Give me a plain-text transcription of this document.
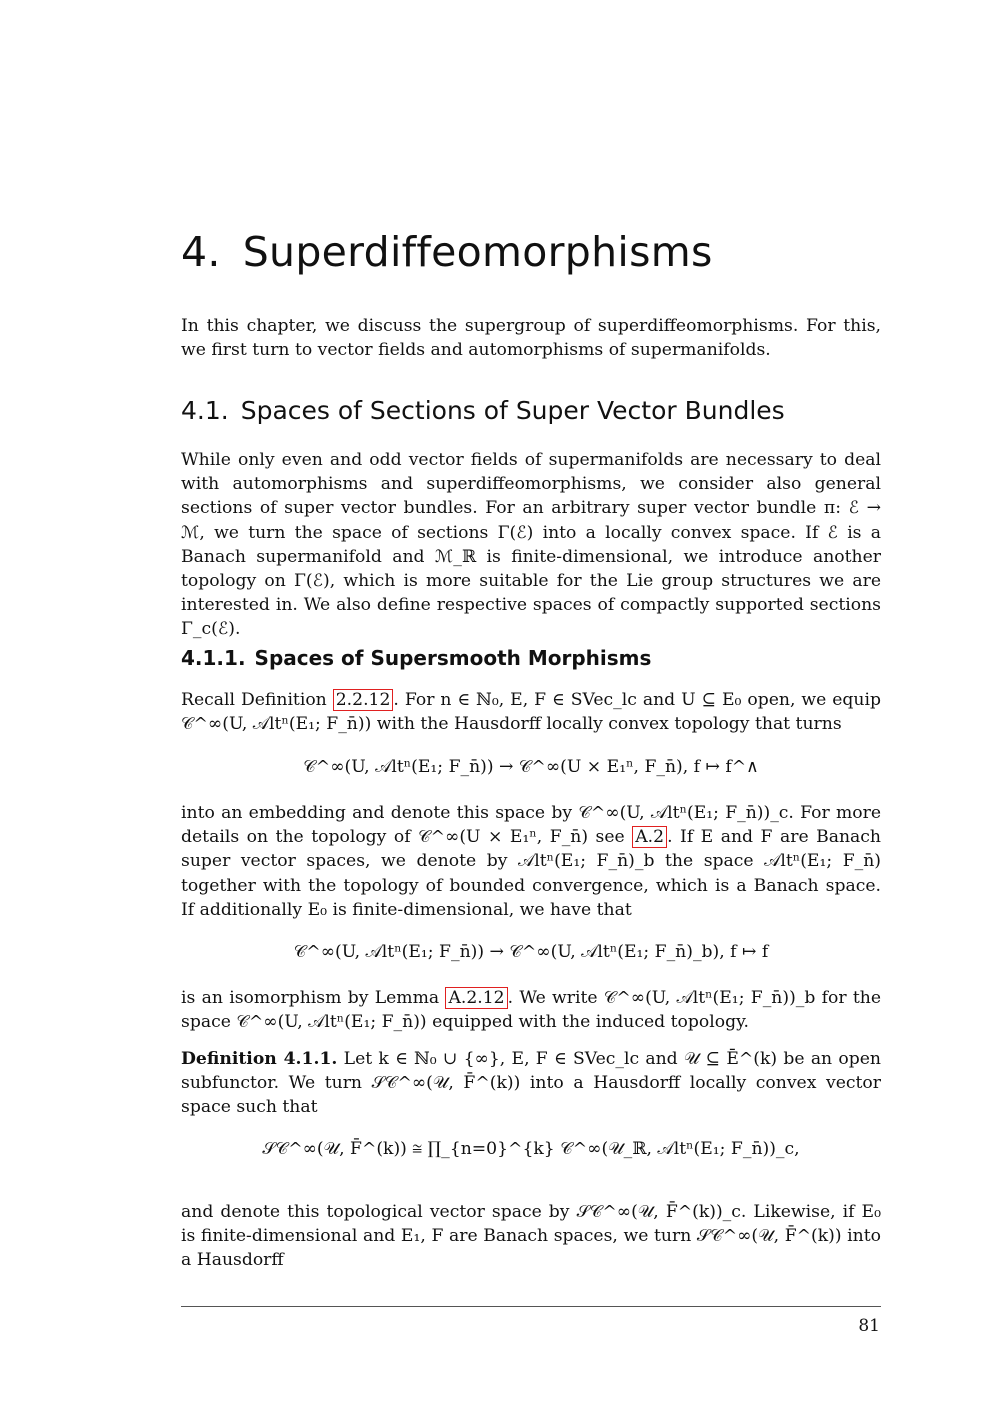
4. Superdiffeomorphisms

In this chapter, we discuss the supergroup of superdiffeomorphisms. For this, we first turn to vector fields and automorphisms of supermanifolds.

4.1. Spaces of Sections of Super Vector Bundles

While only even and odd vector fields of supermanifolds are necessary to deal with automorphisms and superdiffeomorphisms, we consider also general sections of super vector bundles. For an arbitrary super vector bundle π: ℰ → ℳ, we turn the space of sections Γ(ℰ) into a locally convex space. If ℰ is a Banach supermanifold and ℳ_ℝ is finite-dimensional, we introduce another topology on Γ(ℰ), which is more suitable for the Lie group structures we are interested in. We also define respective spaces of compactly supported sections Γ_c(ℰ).

4.1.1. Spaces of Supersmooth Morphisms

Recall Definition 2.2.12 . For n ∈ ℕ₀, E, F ∈ SVec_lc and U ⊆ E₀ open, we equip 𝒞^∞(U, 𝒜ltⁿ(E₁; F_n̄)) with the Hausdorff locally convex topology that turns

𝒞^∞(U, 𝒜ltⁿ(E₁; F_n̄)) → 𝒞^∞(U × E₁ⁿ, F_n̄), f ↦ f^∧

into an embedding and denote this space by 𝒞^∞(U, 𝒜ltⁿ(E₁; F_n̄))_c. For more details on the topology of 𝒞^∞(U × E₁ⁿ, F_n̄) see A.2 . If E and F are Banach super vector spaces, we denote by 𝒜ltⁿ(E₁; F_n̄)_b the space 𝒜ltⁿ(E₁; F_n̄) together with the topology of bounded convergence, which is a Banach space. If additionally E₀ is finite-dimensional, we have that

𝒞^∞(U, 𝒜ltⁿ(E₁; F_n̄)) → 𝒞^∞(U, 𝒜ltⁿ(E₁; F_n̄)_b), f ↦ f

is an isomorphism by Lemma A.2.12 . We write 𝒞^∞(U, 𝒜ltⁿ(E₁; F_n̄))_b for the space 𝒞^∞(U, 𝒜ltⁿ(E₁; F_n̄)) equipped with the induced topology.

Definition 4.1.1. Let k ∈ ℕ₀ ∪ {∞}, E, F ∈ SVec_lc and 𝒰 ⊆ Ē^(k) be an open subfunctor. We turn 𝒮𝒞^∞(𝒰, F̄^(k)) into a Hausdorff locally convex vector space such that

𝒮𝒞^∞(𝒰, F̄^(k)) ≅ ∏_{n=0}^{k} 𝒞^∞(𝒰_ℝ, 𝒜ltⁿ(E₁; F_n̄))_c,

and denote this topological vector space by 𝒮𝒞^∞(𝒰, F̄^(k))_c. Likewise, if E₀ is finite-dimensional and E₁, F are Banach spaces, we turn 𝒮𝒞^∞(𝒰, F̄^(k)) into a Hausdorff

81
